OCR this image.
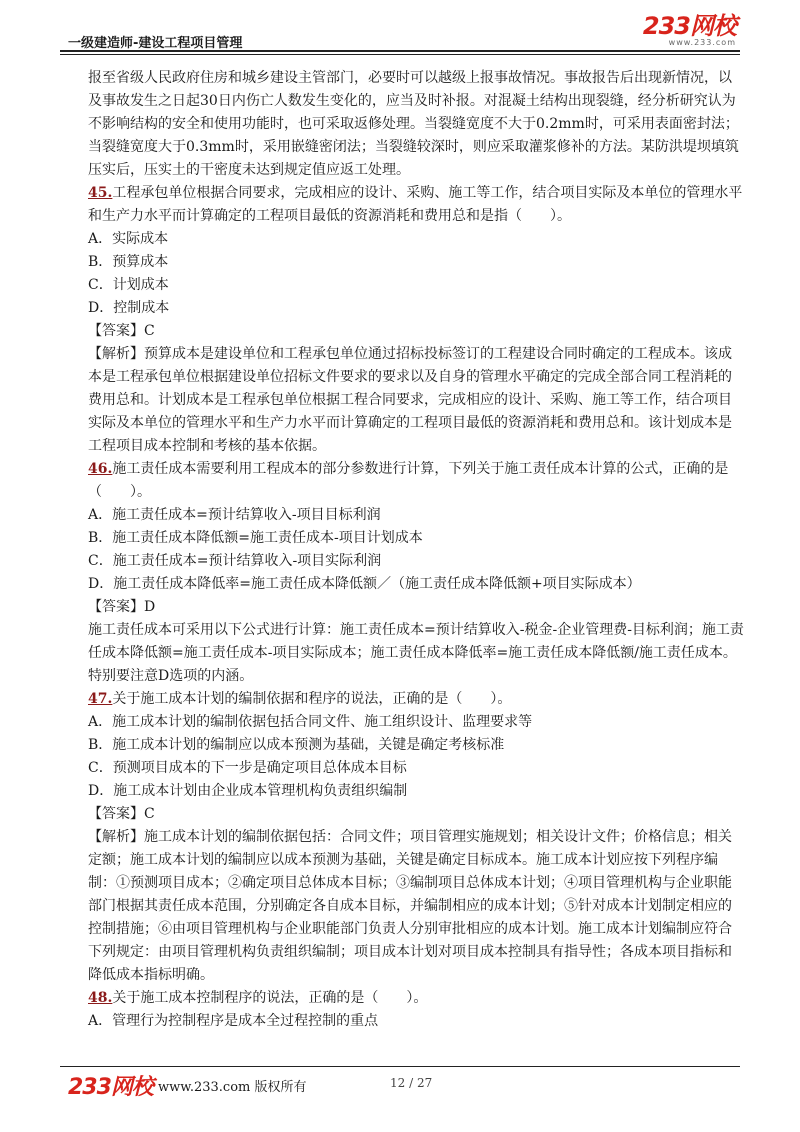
一级建造师-建设工程项目管理
233网校
www.233.com

报至省级人民政府住房和城乡建设主管部门，必要时可以越级上报事故情况。事故报告后出现新情况，以及事故发生之日起30日内伤亡人数发生变化的，应当及时补报。对混凝土结构出现裂缝，经分析研究认为不影响结构的安全和使用功能时，也可采取返修处理。当裂缝宽度不大于0.2mm时，可采用表面密封法；当裂缝宽度大于0.3mm时，采用嵌缝密闭法；当裂缝较深时，则应采取灌浆修补的方法。某防洪堤坝填筑压实后，压实土的干密度未达到规定值应返工处理。

45.工程承包单位根据合同要求，完成相应的设计、采购、施工等工作，结合项目实际及本单位的管理水平和生产力水平而计算确定的工程项目最低的资源消耗和费用总和是指（　　）。

A．实际成本

B．预算成本

C．计划成本

D．控制成本

【答案】C

【解析】预算成本是建设单位和工程承包单位通过招标投标签订的工程建设合同时确定的工程成本。该成本是工程承包单位根据建设单位招标文件要求的要求以及自身的管理水平确定的完成全部合同工程消耗的费用总和。计划成本是工程承包单位根据工程合同要求，完成相应的设计、采购、施工等工作，结合项目实际及本单位的管理水平和生产力水平而计算确定的工程项目最低的资源消耗和费用总和。该计划成本是工程项目成本控制和考核的基本依据。

46.施工责任成本需要利用工程成本的部分参数进行计算，下列关于施工责任成本计算的公式，正确的是（　　）。

A．施工责任成本=预计结算收入-项目目标利润

B．施工责任成本降低额=施工责任成本-项目计划成本

C．施工责任成本=预计结算收入-项目实际利润

D．施工责任成本降低率=施工责任成本降低额／（施工责任成本降低额+项目实际成本）

【答案】D

施工责任成本可采用以下公式进行计算：施工责任成本=预计结算收入-税金-企业管理费-目标利润；施工责任成本降低额=施工责任成本-项目实际成本；施工责任成本降低率=施工责任成本降低额/施工责任成本。特别要注意D选项的内涵。

47.关于施工成本计划的编制依据和程序的说法，正确的是（　　）。

A．施工成本计划的编制依据包括合同文件、施工组织设计、监理要求等

B．施工成本计划的编制应以成本预测为基础，关键是确定考核标准

C．预测项目成本的下一步是确定项目总体成本目标

D．施工成本计划由企业成本管理机构负责组织编制

【答案】C

【解析】施工成本计划的编制依据包括：合同文件；项目管理实施规划；相关设计文件；价格信息；相关定额；施工成本计划的编制应以成本预测为基础，关键是确定目标成本。施工成本计划应按下列程序编制：①预测项目成本；②确定项目总体成本目标；③编制项目总体成本计划；④项目管理机构与企业职能部门根据其责任成本范围，分别确定各自成本目标，并编制相应的成本计划；⑤针对成本计划制定相应的控制措施；⑥由项目管理机构与企业职能部门负责人分别审批相应的成本计划。施工成本计划编制应符合下列规定：由项目管理机构负责组织编制；项目成本计划对项目成本控制具有指导性；各成本项目指标和降低成本指标明确。

48.关于施工成本控制程序的说法，正确的是（　　）。

A．管理行为控制程序是成本全过程控制的重点

233网校 www.233.com 版权所有	12 / 27
